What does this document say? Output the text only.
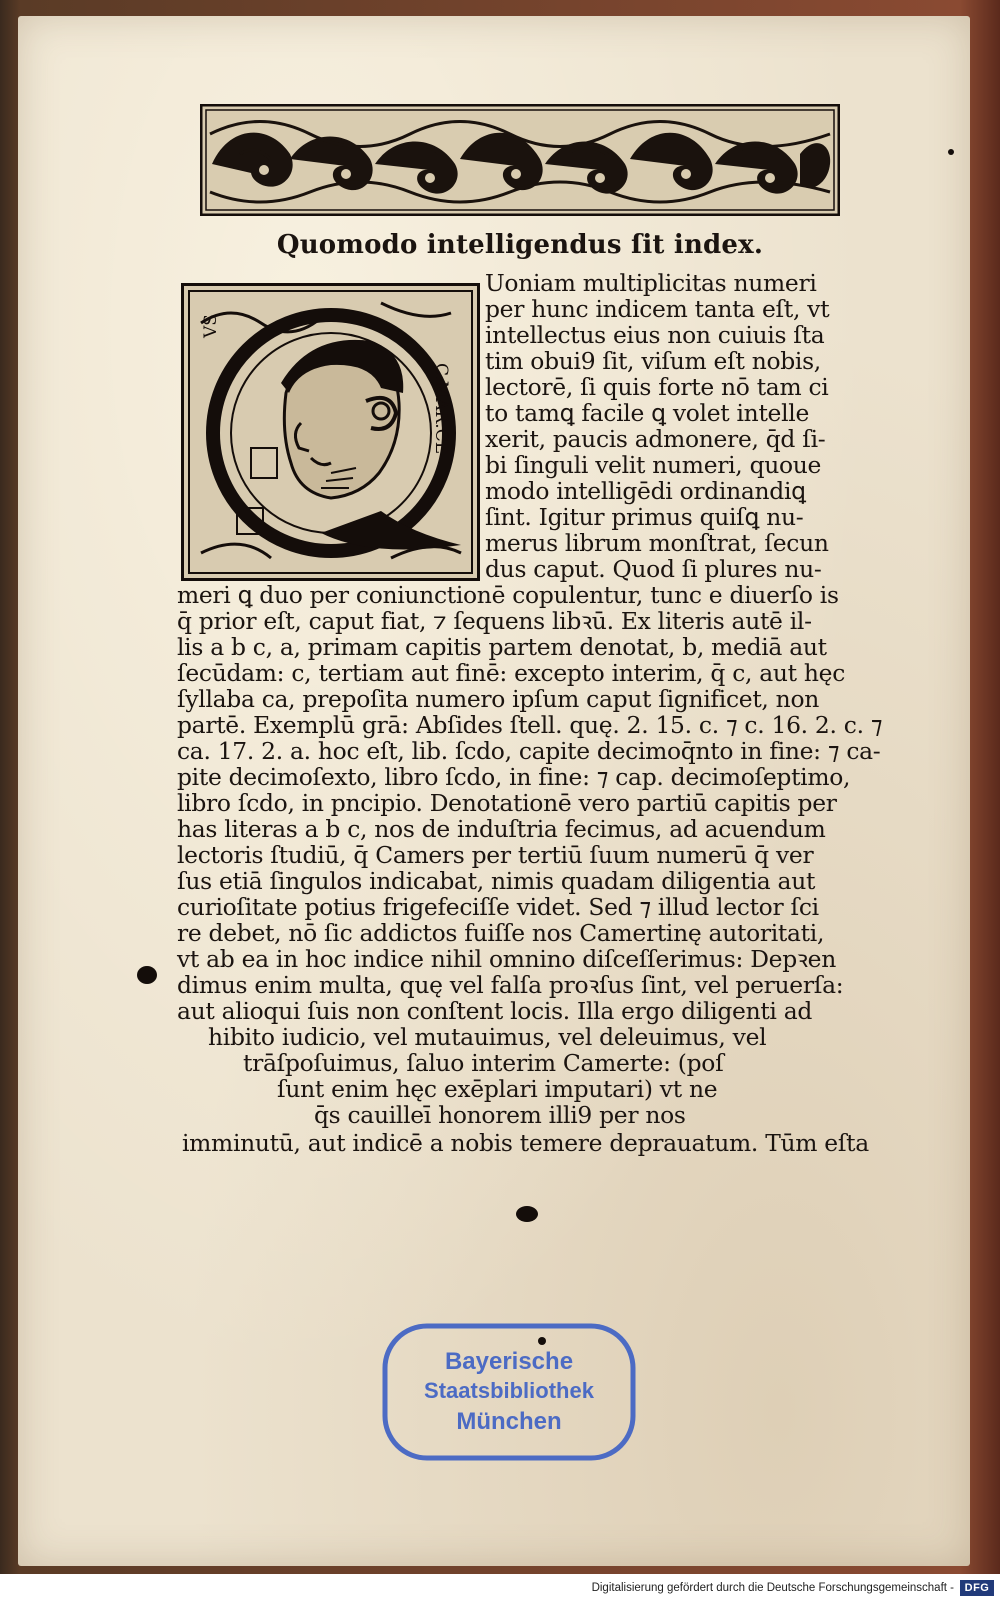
Quomodo intelligendus ſit index.
C.MAR.CE
VS
Uoniam multiplicitas numeri
per hunc indicem tanta eſt, vt
intellectus eius non cuiuis ſta
tim obui9 ſit, viſum eſt nobis,
lectorē, ſi quis forte nō tam ci
to tamꝗ facile ꝗ volet intelle
xerit, paucis admonere, q̄d ſi-
bi ſinguli velit numeri, quoue
modo intelligēdi ordinandiꝗ
ſint. Igitur primus quiſꝗ nu-
merus librum monſtrat, ſecun
dus caput. Quod ſi plures nu-
meri ꝗ duo per coniunctionē copulentur, tunc e diuerſo is
q̄ prior eſt, caput fiat, ⁊ ſequens libꝛū. Ex literis autē il-
lis a b c, a, primam capitis partem denotat, b, mediā aut
ſecūdam: c, tertiam aut finē: excepto interim, q̄ c, aut hęc
ſyllaba ca, prepoſita numero ipſum caput ſignificet, non
partē. Exemplū grā: Abſides ſtell. quę. 2. 15. c. ⁊ c. 16. 2. c. ⁊
ca. 17. 2. a. hoc eſt, lib. ſcdo, capite decimoq̄nto in fine: ⁊ ca-
pite decimoſexto, libro ſcdo, in fine: ⁊ cap. decimoſeptimo,
libro ſcdo, in pncipio. Denotationē vero partiū capitis per
has literas a b c, nos de induſtria fecimus, ad acuendum
lectoris ſtudiū, q̄ Camers per tertiū ſuum numerū q̄ ver
ſus etiā ſingulos indicabat, nimis quadam diligentia aut
curioſitate potius frigefeciſſe videt. Sed ⁊ illud lector ſci
re debet, nō ſic addictos fuiſſe nos Camertinę autoritati,
vt ab ea in hoc indice nihil omnino diſceſſerimus: Depꝛen
dimus enim multa, quę vel falſa proꝛſus ſint, vel peruerſa:
aut alioqui ſuis non conſtent locis. Illa ergo diligenti ad
hibito iudicio, vel mutauimus, vel deleuimus, vel
trāſpoſuimus, ſaluo interim Camerte: (poſ
ſunt enim hęc exēplari imputari) vt ne
q̄s cauilleī honorem illi9 per nos
imminutū, aut indicē a nobis temere deprauatum. Tūm eſta
Bayerische
Staatsbibliothek
München
Digitalisierung gefördert durch die Deutsche Forschungsgemeinschaft - DFG
